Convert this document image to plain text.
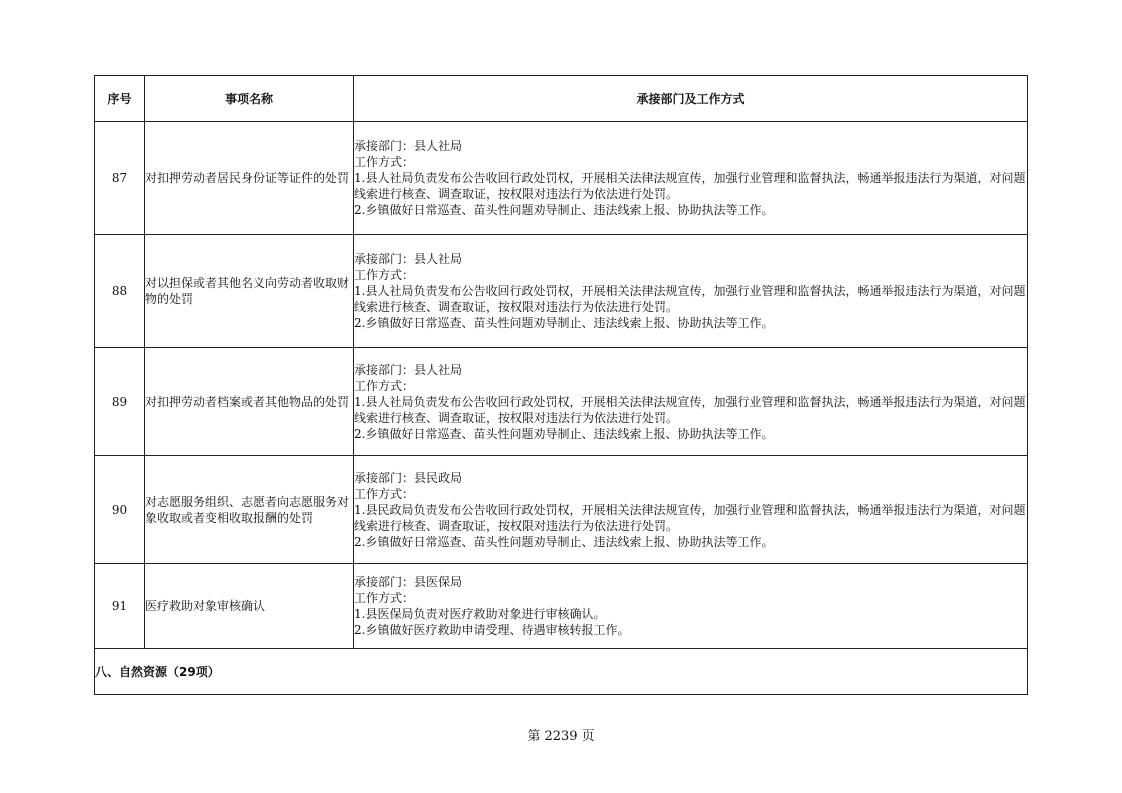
序号	事项名称	承接部门及工作方式
87	对扣押劳动者居民身份证等证件的处罚	承接部门：县人社局
工作方式：
1.县人社局负责发布公告收回行政处罚权，开展相关法律法规宣传，加强行业管理和监督执法，畅通举报违法行为渠道，对问题线索进行核查、调查取证，按权限对违法行为依法进行处罚。
2.乡镇做好日常巡查、苗头性问题劝导制止、违法线索上报、协助执法等工作。

88	对以担保或者其他名义向劳动者收取财物的处罚	承接部门：县人社局
工作方式：
1.县人社局负责发布公告收回行政处罚权，开展相关法律法规宣传，加强行业管理和监督执法，畅通举报违法行为渠道，对问题线索进行核查、调查取证，按权限对违法行为依法进行处罚。
2.乡镇做好日常巡查、苗头性问题劝导制止、违法线索上报、协助执法等工作。

89	对扣押劳动者档案或者其他物品的处罚	承接部门：县人社局
工作方式：
1.县人社局负责发布公告收回行政处罚权，开展相关法律法规宣传，加强行业管理和监督执法，畅通举报违法行为渠道，对问题线索进行核查、调查取证，按权限对违法行为依法进行处罚。
2.乡镇做好日常巡查、苗头性问题劝导制止、违法线索上报、协助执法等工作。

90	对志愿服务组织、志愿者向志愿服务对象收取或者变相收取报酬的处罚	承接部门：县民政局
工作方式：
1.县民政局负责发布公告收回行政处罚权，开展相关法律法规宣传，加强行业管理和监督执法，畅通举报违法行为渠道，对问题线索进行核查、调查取证，按权限对违法行为依法进行处罚。
2.乡镇做好日常巡查、苗头性问题劝导制止、违法线索上报、协助执法等工作。

91	医疗救助对象审核确认	承接部门：县医保局
工作方式：
1.县医保局负责对医疗救助对象进行审核确认。
2.乡镇做好医疗救助申请受理、待遇审核转报工作。

八、自然资源（29项）		
第 2239 页
